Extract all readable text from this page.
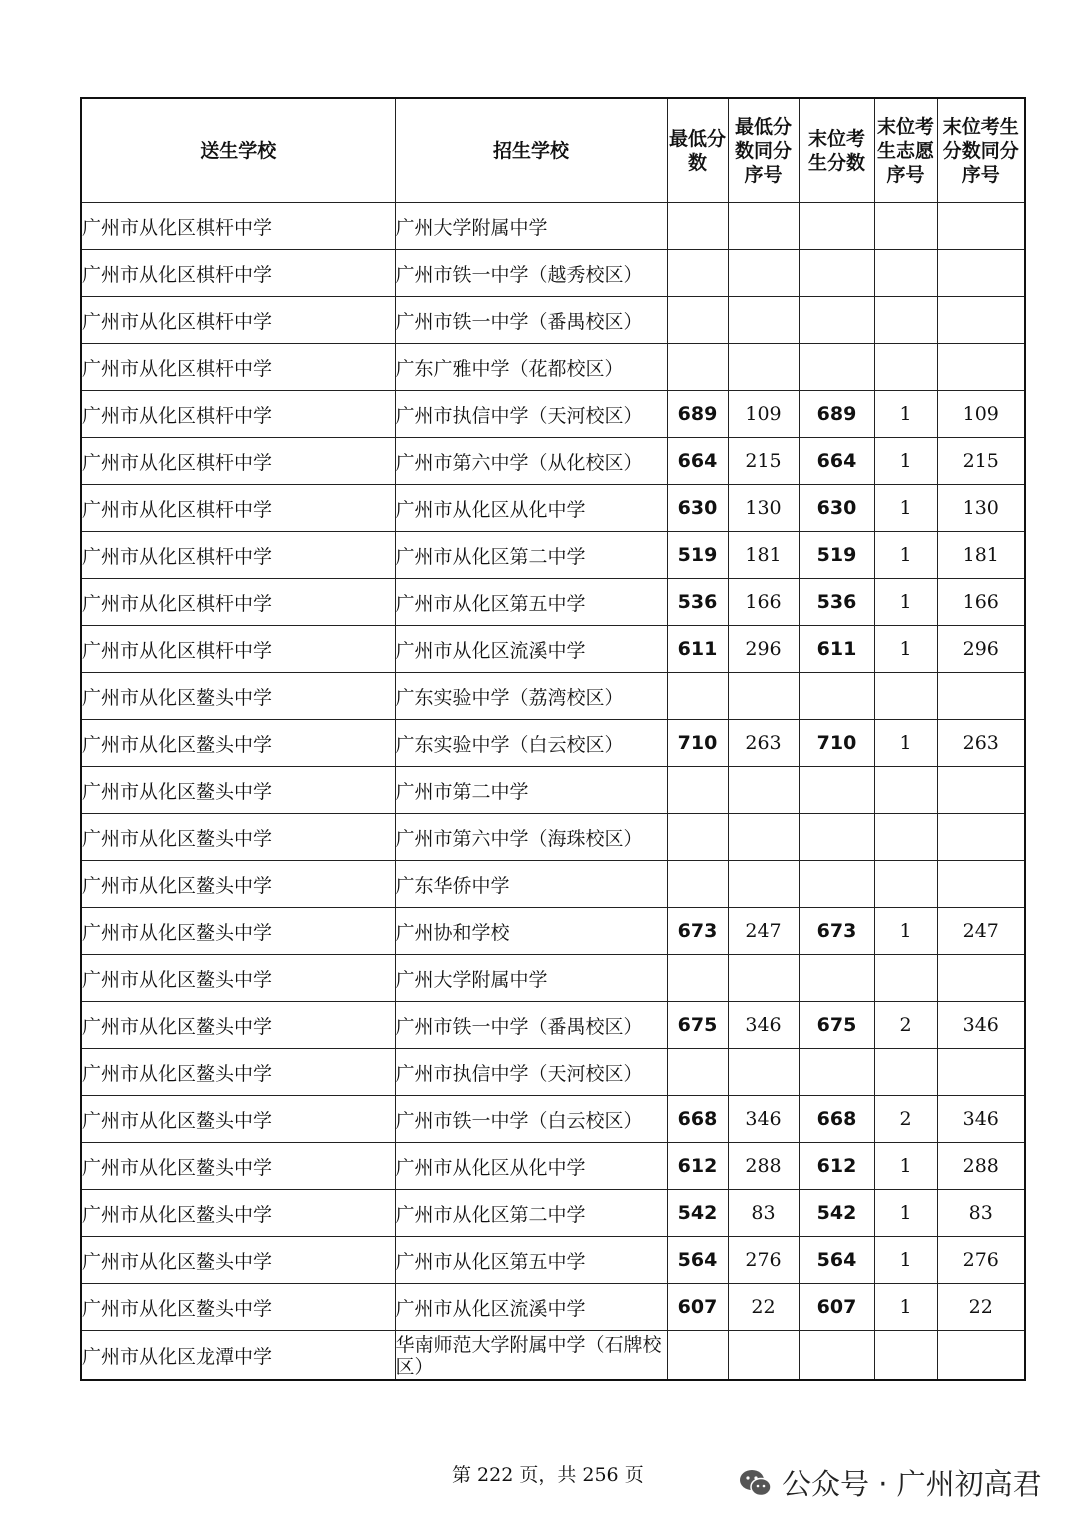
送生学校	招生学校	最低分数	最低分数同分序号	末位考生分数	末位考生志愿序号	末位考生分数同分序号
广州市从化区棋杆中学	广州大学附属中学					
广州市从化区棋杆中学	广州市铁一中学（越秀校区）					
广州市从化区棋杆中学	广州市铁一中学（番禺校区）					
广州市从化区棋杆中学	广东广雅中学（花都校区）					
广州市从化区棋杆中学	广州市执信中学（天河校区）	689	109	689	1	109
广州市从化区棋杆中学	广州市第六中学（从化校区）	664	215	664	1	215
广州市从化区棋杆中学	广州市从化区从化中学	630	130	630	1	130
广州市从化区棋杆中学	广州市从化区第二中学	519	181	519	1	181
广州市从化区棋杆中学	广州市从化区第五中学	536	166	536	1	166
广州市从化区棋杆中学	广州市从化区流溪中学	611	296	611	1	296
广州市从化区鳌头中学	广东实验中学（荔湾校区）					
广州市从化区鳌头中学	广东实验中学（白云校区）	710	263	710	1	263
广州市从化区鳌头中学	广州市第二中学					
广州市从化区鳌头中学	广州市第六中学（海珠校区）					
广州市从化区鳌头中学	广东华侨中学					
广州市从化区鳌头中学	广州协和学校	673	247	673	1	247
广州市从化区鳌头中学	广州大学附属中学					
广州市从化区鳌头中学	广州市铁一中学（番禺校区）	675	346	675	2	346
广州市从化区鳌头中学	广州市执信中学（天河校区）					
广州市从化区鳌头中学	广州市铁一中学（白云校区）	668	346	668	2	346
广州市从化区鳌头中学	广州市从化区从化中学	612	288	612	1	288
广州市从化区鳌头中学	广州市从化区第二中学	542	83	542	1	83
广州市从化区鳌头中学	广州市从化区第五中学	564	276	564	1	276
广州市从化区鳌头中学	广州市从化区流溪中学	607	22	607	1	22
广州市从化区龙潭中学	华南师范大学附属中学（石牌校区）					
第 222 页，共 256 页	公众号 · 广州初高君
